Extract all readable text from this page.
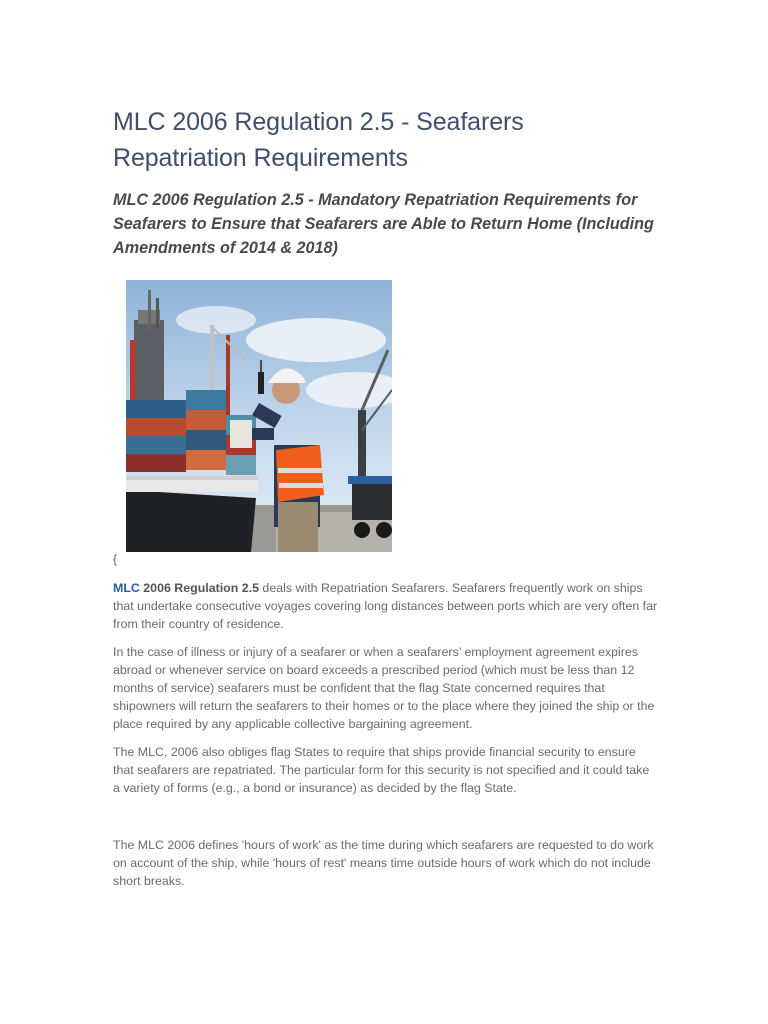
MLC 2006 Regulation 2.5 - Seafarers Repatriation Requirements
MLC 2006 Regulation 2.5 - Mandatory Repatriation Requirements for Seafarers to Ensure that Seafarers are Able to Return Home (Including Amendments of 2014 & 2018)
{

MLC 2006 Regulation 2.5 deals with Repatriation Seafarers. Seafarers frequently work on ships that undertake consecutive voyages covering long distances between ports which are very often far from their country of residence.

In the case of illness or injury of a seafarer or when a seafarers’ employment agreement expires abroad or whenever service on board exceeds a prescribed period (which must be less than 12 months of service) seafarers must be confident that the flag State concerned requires that shipowners will return the seafarers to their homes or to the place where they joined the ship or the place required by any applicable collective bargaining agreement.

The MLC, 2006 also obliges flag States to require that ships provide financial security to ensure that seafarers are repatriated. The particular form for this security is not specified and it could take a variety of forms (e.g., a bond or insurance) as decided by the flag State.

The MLC 2006 defines 'hours of work' as the time during which seafarers are requested to do work on account of the ship, while 'hours of rest' means time outside hours of work which do not include short breaks.
